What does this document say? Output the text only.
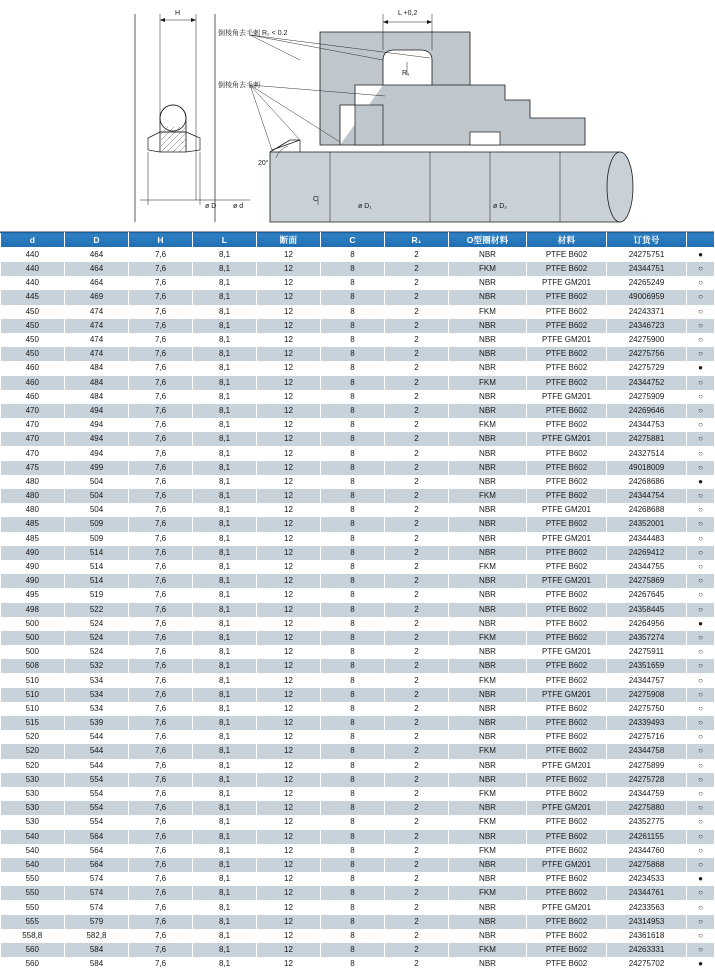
H	L +0,2
R₁
20°
C
ø D ø d	ø D₁	ø D₂
倒棱角去毛刺 R₂ < 0.2
倒棱角去毛刺
d	D	H	L	断面	C	R₁	O型圈材料	材料	订货号	
440	464	7,6	8,1	12	8	2	NBR	PTFE B602	24275751	●
440	464	7,6	8,1	12	8	2	FKM	PTFE B602	24344751	○
440	464	7,6	8,1	12	8	2	NBR	PTFE GM201	24265249	○
445	469	7,6	8,1	12	8	2	NBR	PTFE B602	49006959	○
450	474	7,6	8,1	12	8	2	FKM	PTFE B602	24243371	○
450	474	7,6	8,1	12	8	2	NBR	PTFE B602	24346723	○
450	474	7,6	8,1	12	8	2	NBR	PTFE GM201	24275900	○
450	474	7,6	8,1	12	8	2	NBR	PTFE B602	24275756	○
460	484	7,6	8,1	12	8	2	NBR	PTFE B602	24275729	●
460	484	7,6	8,1	12	8	2	FKM	PTFE B602	24344752	○
460	484	7,6	8,1	12	8	2	NBR	PTFE GM201	24275909	○
470	494	7,6	8,1	12	8	2	NBR	PTFE B602	24269646	○
470	494	7,6	8,1	12	8	2	FKM	PTFE B602	24344753	○
470	494	7,6	8,1	12	8	2	NBR	PTFE GM201	24275881	○
470	494	7,6	8,1	12	8	2	NBR	PTFE B602	24327514	○
475	499	7,6	8,1	12	8	2	NBR	PTFE B602	49018009	○
480	504	7,6	8,1	12	8	2	NBR	PTFE B602	24268686	●
480	504	7,6	8,1	12	8	2	FKM	PTFE B602	24344754	○
480	504	7,6	8,1	12	8	2	NBR	PTFE GM201	24268688	○
485	509	7,6	8,1	12	8	2	NBR	PTFE B602	24352001	○
485	509	7,6	8,1	12	8	2	NBR	PTFE GM201	24344483	○
490	514	7,6	8,1	12	8	2	NBR	PTFE B602	24269412	○
490	514	7,6	8,1	12	8	2	FKM	PTFE B602	24344755	○
490	514	7,6	8,1	12	8	2	NBR	PTFE GM201	24275869	○
495	519	7,6	8,1	12	8	2	NBR	PTFE B602	24267645	○
498	522	7,6	8,1	12	8	2	NBR	PTFE B602	24358445	○
500	524	7,6	8,1	12	8	2	NBR	PTFE B602	24264956	●
500	524	7,6	8,1	12	8	2	FKM	PTFE B602	24357274	○
500	524	7,6	8,1	12	8	2	NBR	PTFE GM201	24275911	○
508	532	7,6	8,1	12	8	2	NBR	PTFE B602	24351659	○
510	534	7,6	8,1	12	8	2	FKM	PTFE B602	24344757	○
510	534	7,6	8,1	12	8	2	NBR	PTFE GM201	24275908	○
510	534	7,6	8,1	12	8	2	NBR	PTFE B602	24275750	○
515	539	7,6	8,1	12	8	2	NBR	PTFE B602	24339493	○
520	544	7,6	8,1	12	8	2	NBR	PTFE B602	24275716	○
520	544	7,6	8,1	12	8	2	FKM	PTFE B602	24344758	○
520	544	7,6	8,1	12	8	2	NBR	PTFE GM201	24275899	○
530	554	7,6	8,1	12	8	2	NBR	PTFE B602	24275728	○
530	554	7,6	8,1	12	8	2	FKM	PTFE B602	24344759	○
530	554	7,6	8,1	12	8	2	NBR	PTFE GM201	24275880	○
530	554	7,6	8,1	12	8	2	FKM	PTFE B602	24352775	○
540	564	7,6	8,1	12	8	2	NBR	PTFE B602	24261155	○
540	564	7,6	8,1	12	8	2	FKM	PTFE B602	24344760	○
540	564	7,6	8,1	12	8	2	NBR	PTFE GM201	24275868	○
550	574	7,6	8,1	12	8	2	NBR	PTFE B602	24234533	●
550	574	7,6	8,1	12	8	2	FKM	PTFE B602	24344761	○
550	574	7,6	8,1	12	8	2	NBR	PTFE GM201	24233563	○
555	579	7,6	8,1	12	8	2	NBR	PTFE B602	24314953	○
558,8	582,8	7,6	8,1	12	8	2	NBR	PTFE B602	24361618	○
560	584	7,6	8,1	12	8	2	FKM	PTFE B602	24263331	○
560	584	7,6	8,1	12	8	2	NBR	PTFE B602	24275702	●
